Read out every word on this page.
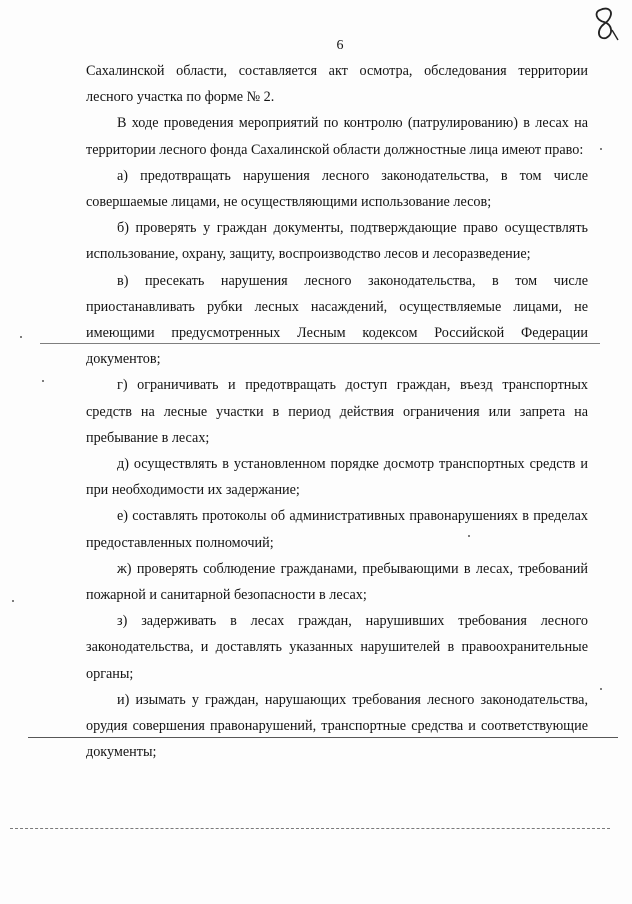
6

Сахалинской области, составляется акт осмотра, обследования территории лесного участка по форме № 2.

В ходе проведения мероприятий по контролю (патрулированию) в лесах на территории лесного фонда Сахалинской области должностные лица имеют право:

а) предотвращать нарушения лесного законодательства, в том числе совершаемые лицами, не осуществляющими использование лесов;

б) проверять у граждан документы, подтверждающие право осуществлять использование, охрану, защиту, воспроизводство лесов и лесоразведение;

в) пресекать нарушения лесного законодательства, в том числе приостанавливать рубки лесных насаждений, осуществляемые лицами, не имеющими предусмотренных Лесным кодексом Российской Федерации документов;

г) ограничивать и предотвращать доступ граждан, въезд транспортных средств на лесные участки в период действия ограничения или запрета на пребывание в лесах;

д) осуществлять в установленном порядке досмотр транспортных средств и при необходимости их задержание;

е) составлять протоколы об административных правонарушениях в пределах предоставленных полномочий;

ж) проверять соблюдение гражданами, пребывающими в лесах, требований пожарной и санитарной безопасности в лесах;

з) задерживать в лесах граждан, нарушивших требования лесного законодательства, и доставлять указанных нарушителей в правоохранительные органы;

и) изымать у граждан, нарушающих требования лесного законодательства, орудия совершения правонарушений, транспортные средства и соответствующие документы;
